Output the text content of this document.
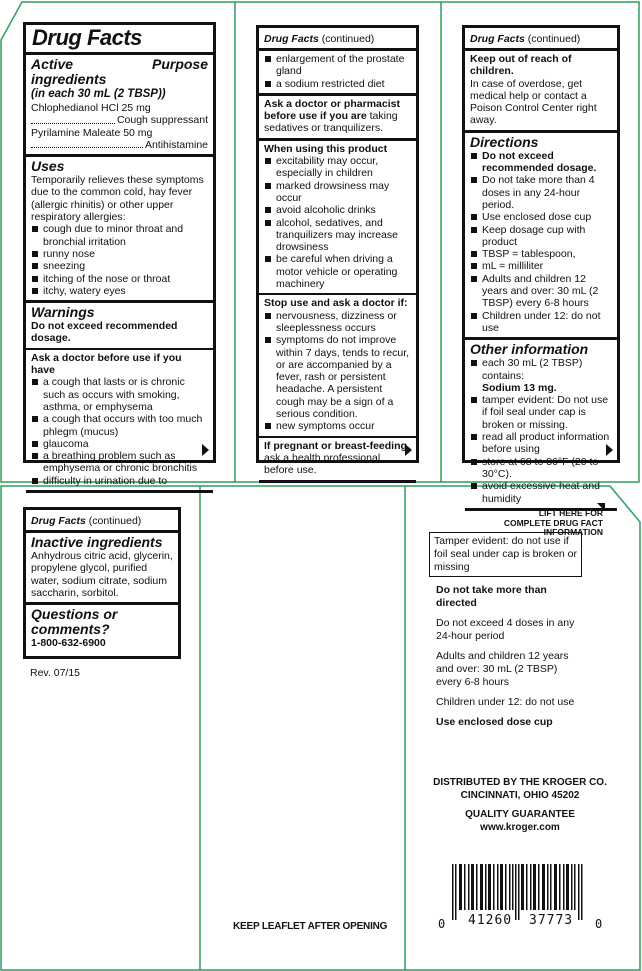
Drug Facts
Active ingredients
Purpose
(in each 30 mL (2 TBSP))
Chlophedianol HCl 25 mg
Cough suppressant
Pyrilamine Maleate 50 mg
Antihistamine
Uses
Temporarily relieves these symptoms due to the common cold, hay fever (allergic rhinitis) or other upper respiratory allergies:
cough due to minor throat and bronchial irritation
runny nose
sneezing
itching of the nose or throat
itchy, watery eyes
Warnings
Do not exceed recommended dosage.
Ask a doctor before use if you have
a cough that lasts or is chronic such as occurs with smoking, asthma, or emphysema
a cough that occurs with too much phlegm (mucus)
glaucoma
a breathing problem such as emphysema or chronic bronchitis
difficulty in urination due to
Drug Facts (continued)
enlargement of the prostate gland
a sodium restricted diet
Ask a doctor or pharmacist before use if you are taking sedatives or tranquilizers.
When using this product
excitability may occur, especially in children
marked drowsiness may occur
avoid alcoholic drinks
alcohol, sedatives, and tranquilizers may increase drowsiness
be careful when driving a motor vehicle or operating machinery
Stop use and ask a doctor if:
nervousness, dizziness or sleeplessness occurs
symptoms do not improve within 7 days, tends to recur, or are accompanied by a fever, rash or persistent headache. A persistent cough may be a sign of a serious condition.
new symptoms occur
If pregnant or breast-feeding, ask a health professional before use.
Drug Facts (continued)
Keep out of reach of children.
In case of overdose, get medical help or contact a Poison Control Center right away.
Directions
Do not exceed recommended dosage.
Do not take more than 4 doses in any 24-hour period.
Use enclosed dose cup
Keep dosage cup with product
TBSP = tablespoon,
mL = milliliter
Adults and children 12 years and over: 30 mL (2 TBSP) every 6-8 hours
Children under 12: do not use
Other information
each 30 mL (2 TBSP) contains:
Sodium 13 mg.
tamper evident: Do not use if foil seal under cap is broken or missing.
read all product information before using
store at 68 to 86°F (20 to 30°C).
avoid excessive heat and humidity
Drug Facts (continued)
Inactive ingredients
Anhydrous citric acid, glycerin, propylene glycol, purified water, sodium citrate, sodium saccharin, sorbitol.
Questions or comments?
1-800-632-6900
Rev. 07/15
KEEP LEAFLET AFTER OPENING
LIFT HERE FOR COMPLETE DRUG FACT INFORMATION
Tamper evident: do not use if foil seal under cap is broken or missing
Do not take more than directed
Do not exceed 4 doses in any 24-hour period
Adults and children 12 years and over: 30 mL (2 TBSP) every 6-8 hours
Children under 12: do not use
Use enclosed dose cup
DISTRIBUTED BY THE KROGER CO.
CINCINNATI, OHIO 45202
QUALITY GUARANTEE
www.kroger.com
0 41260 37773 0
